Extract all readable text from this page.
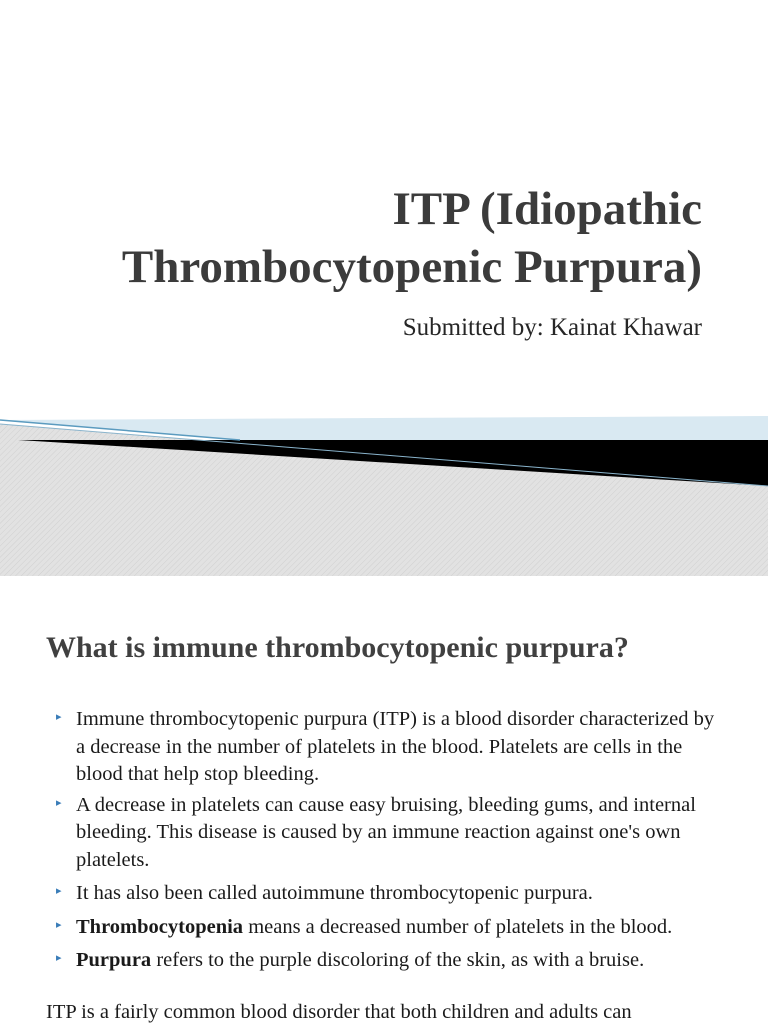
ITP (Idiopathic
Thrombocytopenic Purpura)

Submitted by: Kainat Khawar

What is immune thrombocytopenic purpura?
▸ Immune thrombocytopenic purpura (ITP) is a blood disorder characterized by a decrease in the number of platelets in the blood. Platelets are cells in the blood that help stop bleeding.
▸ A decrease in platelets can cause easy bruising, bleeding gums, and internal bleeding. This disease is caused by an immune reaction against one's own platelets.
▸ It has also been called autoimmune thrombocytopenic purpura.
▸ Thrombocytopenia means a decreased number of platelets in the blood.
▸ Purpura refers to the purple discoloring of the skin, as with a bruise.

ITP is a fairly common blood disorder that both children and adults can
